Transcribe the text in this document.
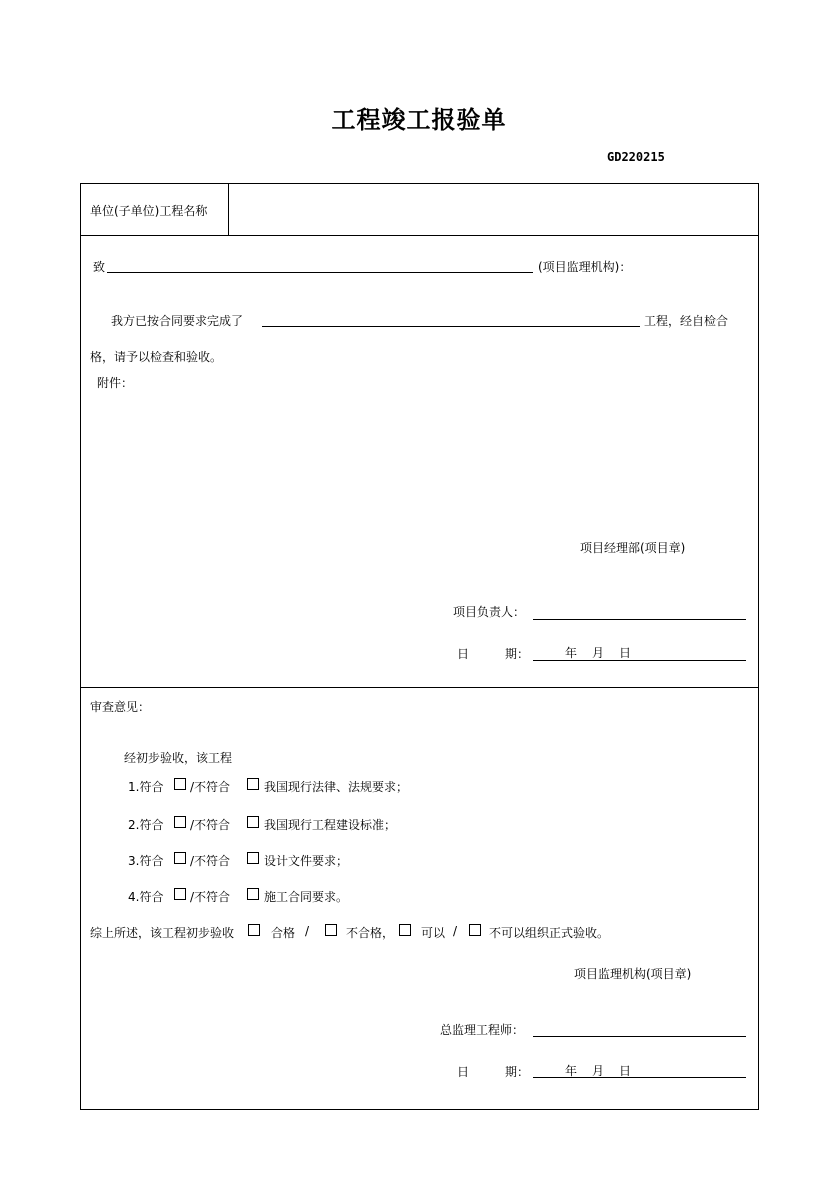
工程竣工报验单
GD220215
单位(子单位)工程名称
致	(项目监理机构)：
我方已按合同要求完成了	工程，经自检合
格，请予以检查和验收。
附件：
项目经理部(项目章)
项目负责人：
日	期：	年 月 日
审查意见：
经初步验收，该工程
1.符合 /不符合	我国现行法律、法规要求；
2.符合 /不符合	我国现行工程建设标准；
3.符合 /不符合	设计文件要求；
4.符合 /不符合	施工合同要求。
综上所述，该工程初步验收	合格 /	不合格， 可以 /	不可以组织正式验收。
项目监理机构(项目章)
总监理工程师：
日	期：	年 月 日
